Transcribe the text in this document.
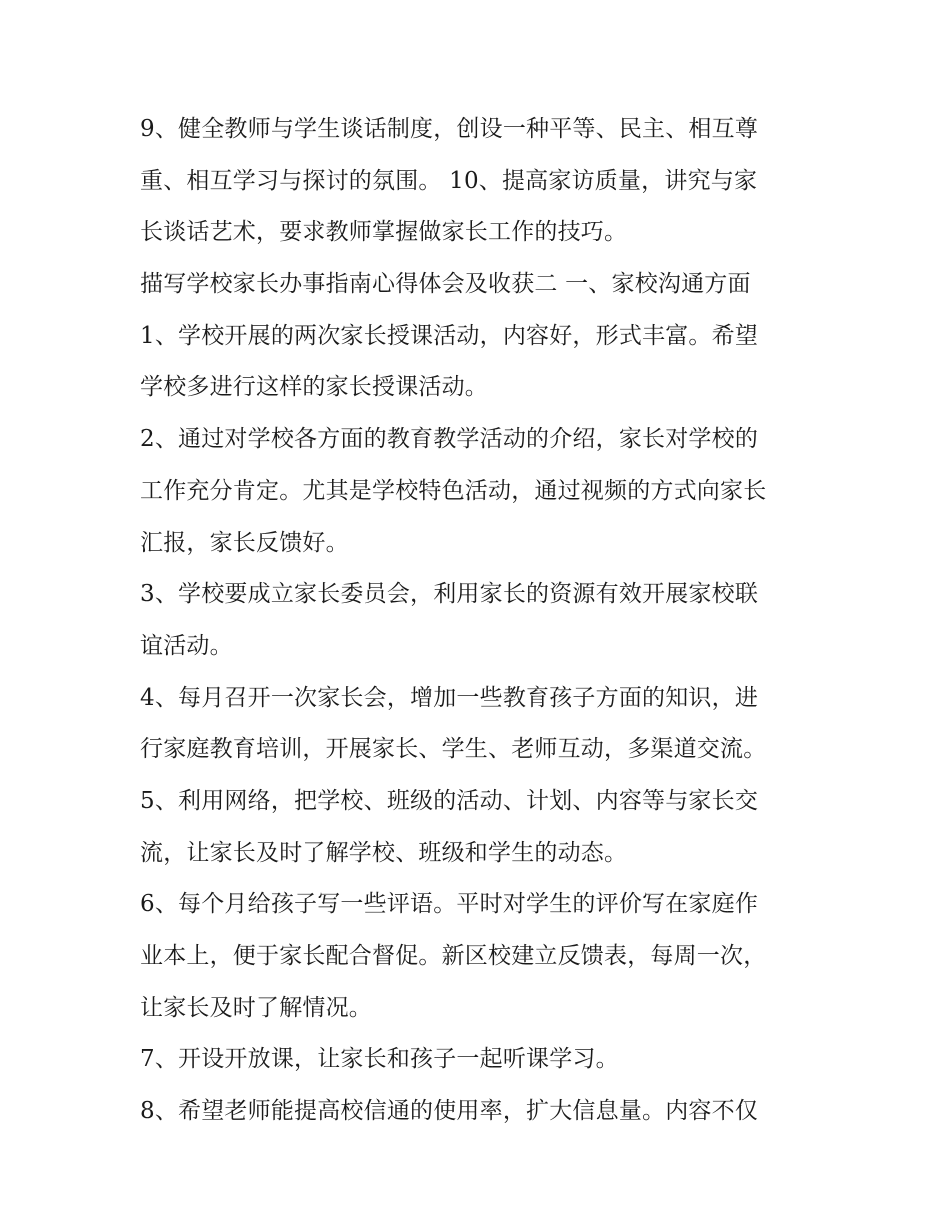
9、健全教师与学生谈话制度，创设一种平等、民主、相互尊
重、相互学习与探讨的氛围。 10、提高家访质量，讲究与家
长谈话艺术，要求教师掌握做家长工作的技巧。

描写学校家长办事指南心得体会及收获二 一、家校沟通方面

1、学校开展的两次家长授课活动，内容好，形式丰富。希望
学校多进行这样的家长授课活动。

2、通过对学校各方面的教育教学活动的介绍，家长对学校的
工作充分肯定。尤其是学校特色活动，通过视频的方式向家长
汇报，家长反馈好。

3、学校要成立家长委员会，利用家长的资源有效开展家校联
谊活动。

4、每月召开一次家长会，增加一些教育孩子方面的知识，进
行家庭教育培训，开展家长、学生、老师互动，多渠道交流。

5、利用网络，把学校、班级的活动、计划、内容等与家长交
流，让家长及时了解学校、班级和学生的动态。

6、每个月给孩子写一些评语。平时对学生的评价写在家庭作
业本上，便于家长配合督促。新区校建立反馈表，每周一次，
让家长及时了解情况。

7、开设开放课，让家长和孩子一起听课学习。

8、希望老师能提高校信通的使用率，扩大信息量。内容不仅
